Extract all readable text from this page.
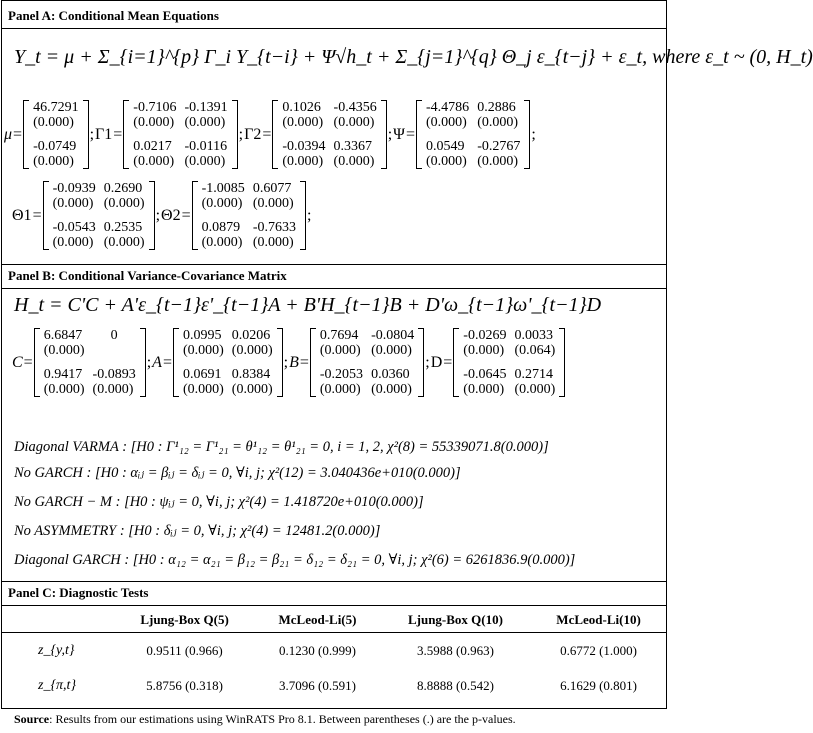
Panel A: Conditional Mean Equations
Y_t = μ + Σ_{i=1}^{p} Γ_i Y_{t−i} + Ψ√h_t + Σ_{j=1}^{q} Θ_j ε_{t−j} + ε_t, where ε_t ~ (0, H_t)
μ=
46.7291
(0.000)

-0.0749
(0.000)
;Γ1=
-0.7106	-0.1391
(0.000)	(0.000)

0.0217	-0.0116
(0.000)	(0.000)
;Γ2=
0.1026	-0.4356
(0.000)	(0.000)

-0.0394	0.3367
(0.000)	(0.000)
;Ψ=
-4.4786	0.2886
(0.000)	(0.000)

0.0549	-0.2767
(0.000)	(0.000)
;
Θ1=
-0.0939	0.2690
(0.000)	(0.000)

-0.0543	0.2535
(0.000)	(0.000)
;Θ2=
-1.0085	0.6077
(0.000)	(0.000)

0.0879	-0.7633
(0.000)	(0.000)
;
Panel B: Conditional Variance-Covariance Matrix
H_t = C'C + A'ε_{t−1}ε'_{t−1}A + B'H_{t−1}B + D'ω_{t−1}ω'_{t−1}D
C=
6.6847	0
(0.000)	

0.9417	-0.0893
(0.000)	(0.000)
;A=
0.0995	0.0206
(0.000)	(0.000)

0.0691	0.8384
(0.000)	(0.000)
;B=
0.7694	-0.0804
(0.000)	(0.000)

-0.2053	0.0360
(0.000)	(0.000)
;D=
-0.0269	0.0033
(0.000)	(0.064)

-0.0645	0.2714
(0.000)	(0.000)
Diagonal VARMA : [H0 : Γ¹₁₂ = Γ¹₂₁ = θ¹₁₂ = θ¹₂₁ = 0, i = 1, 2, χ²(8) = 55339071.8(0.000)]
No GARCH : [H0 : αᵢⱼ = βᵢⱼ = δᵢⱼ = 0, ∀i, j; χ²(12) = 3.040436e+010(0.000)]
No GARCH − M : [H0 : ψᵢⱼ = 0, ∀i, j; χ²(4) = 1.418720e+010(0.000)]
No ASYMMETRY : [H0 : δᵢⱼ = 0, ∀i, j; χ²(4) = 12481.2(0.000)]
Diagonal GARCH : [H0 : α₁₂ = α₂₁ = β₁₂ = β₂₁ = δ₁₂ = δ₂₁ = 0, ∀i, j; χ²(6) = 6261836.9(0.000)]
Panel C: Diagnostic Tests
	Ljung-Box Q(5)	McLeod-Li(5)	Ljung-Box Q(10)	McLeod-Li(10)
z_{y,t}	0.9511 (0.966)	0.1230 (0.999)	3.5988 (0.963)	0.6772 (1.000)
z_{π,t}	5.8756 (0.318)	3.7096 (0.591)	8.8888 (0.542)	6.1629 (0.801)
Source: Results from our estimations using WinRATS Pro 8.1. Between parentheses (.) are the p-values.
